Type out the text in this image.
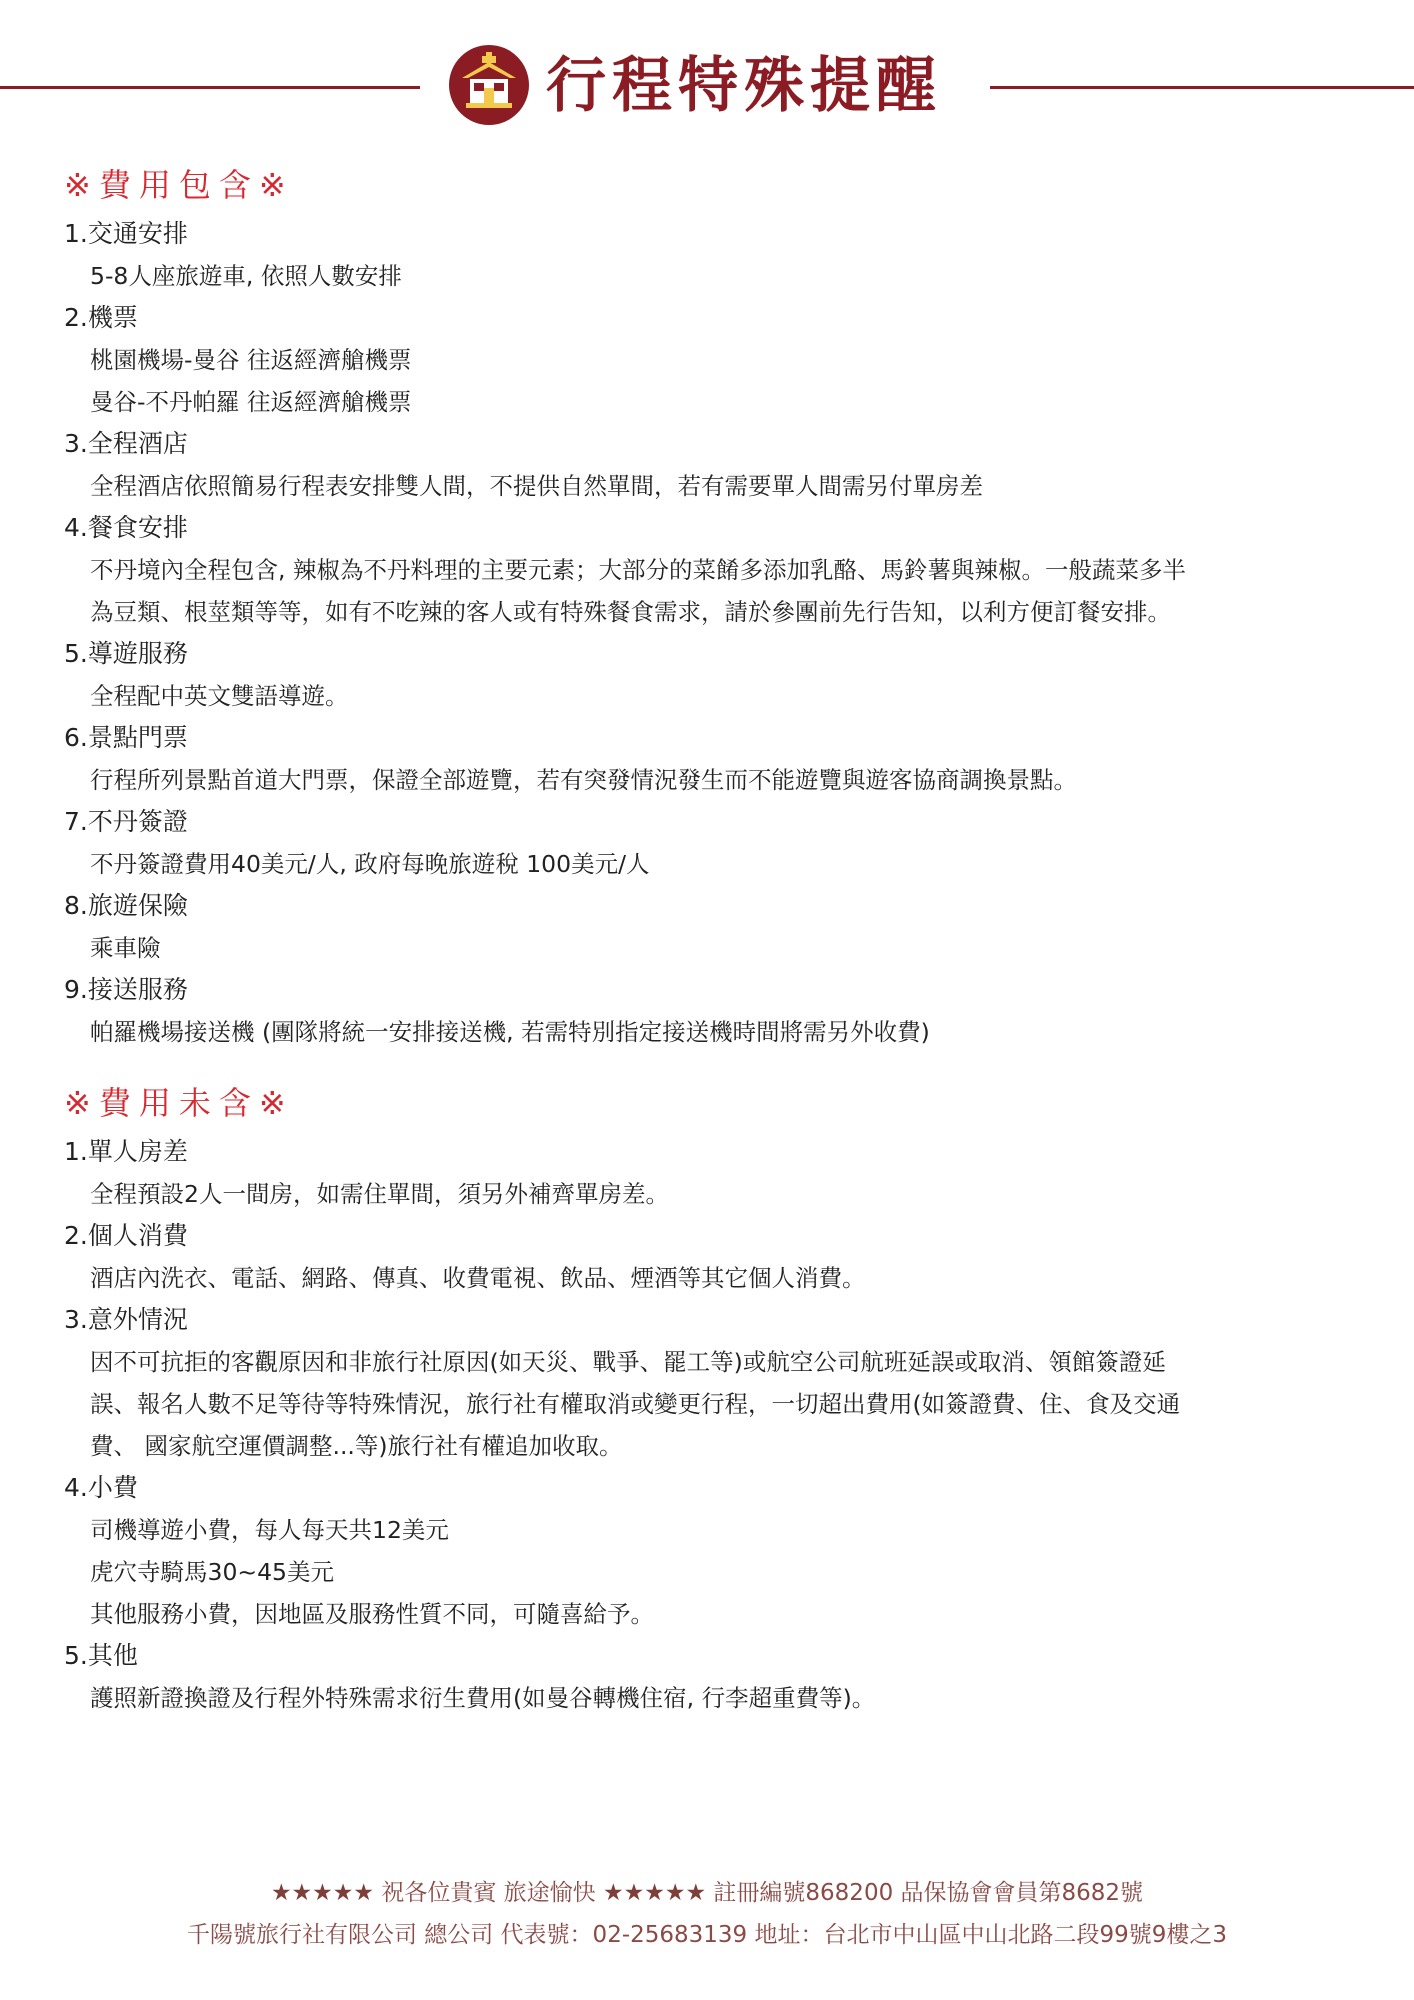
行程特殊提醒
※費用包含※
1.交通安排
5-8人座旅遊車, 依照人數安排
2.機票
桃園機場-曼谷 往返經濟艙機票
曼谷-不丹帕羅 往返經濟艙機票
3.全程酒店
全程酒店依照簡易行程表安排雙人間，不提供自然單間，若有需要單人間需另付單房差
4.餐食安排
不丹境內全程包含, 辣椒為不丹料理的主要元素；大部分的菜餚多添加乳酪、馬鈴薯與辣椒。一般蔬菜多半
為豆類、根莖類等等，如有不吃辣的客人或有特殊餐食需求，請於參團前先行告知，以利方便訂餐安排。
5.導遊服務
全程配中英文雙語導遊。
6.景點門票
行程所列景點首道大門票，保證全部遊覽，若有突發情況發生而不能遊覽與遊客協商調換景點。
7.不丹簽證
不丹簽證費用40美元/人, 政府每晚旅遊稅 100美元/人
8.旅遊保險
乘車險
9.接送服務
帕羅機場接送機 (團隊將統一安排接送機, 若需特別指定接送機時間將需另外收費)
※費用未含※
1.單人房差
全程預設2人一間房，如需住單間，須另外補齊單房差。
2.個人消費
酒店內洗衣、電話、網路、傳真、收費電視、飲品、煙酒等其它個人消費。
3.意外情況
因不可抗拒的客觀原因和非旅行社原因(如天災、戰爭、罷工等)或航空公司航班延誤或取消、領館簽證延
誤、報名人數不足等待等特殊情況，旅行社有權取消或變更行程，一切超出費用(如簽證費、住、食及交通
費、 國家航空運價調整...等)旅行社有權追加收取。
4.小費
司機導遊小費，每人每天共12美元
虎穴寺騎馬30~45美元
其他服務小費，因地區及服務性質不同，可隨喜給予。
5.其他
護照新證換證及行程外特殊需求衍生費用(如曼谷轉機住宿, 行李超重費等)。
★★★★★ 祝各位貴賓 旅途愉快 ★★★★★ 註冊編號868200 品保協會會員第8682號
千陽號旅行社有限公司 總公司 代表號：02-25683139 地址：台北市中山區中山北路二段99號9樓之3
